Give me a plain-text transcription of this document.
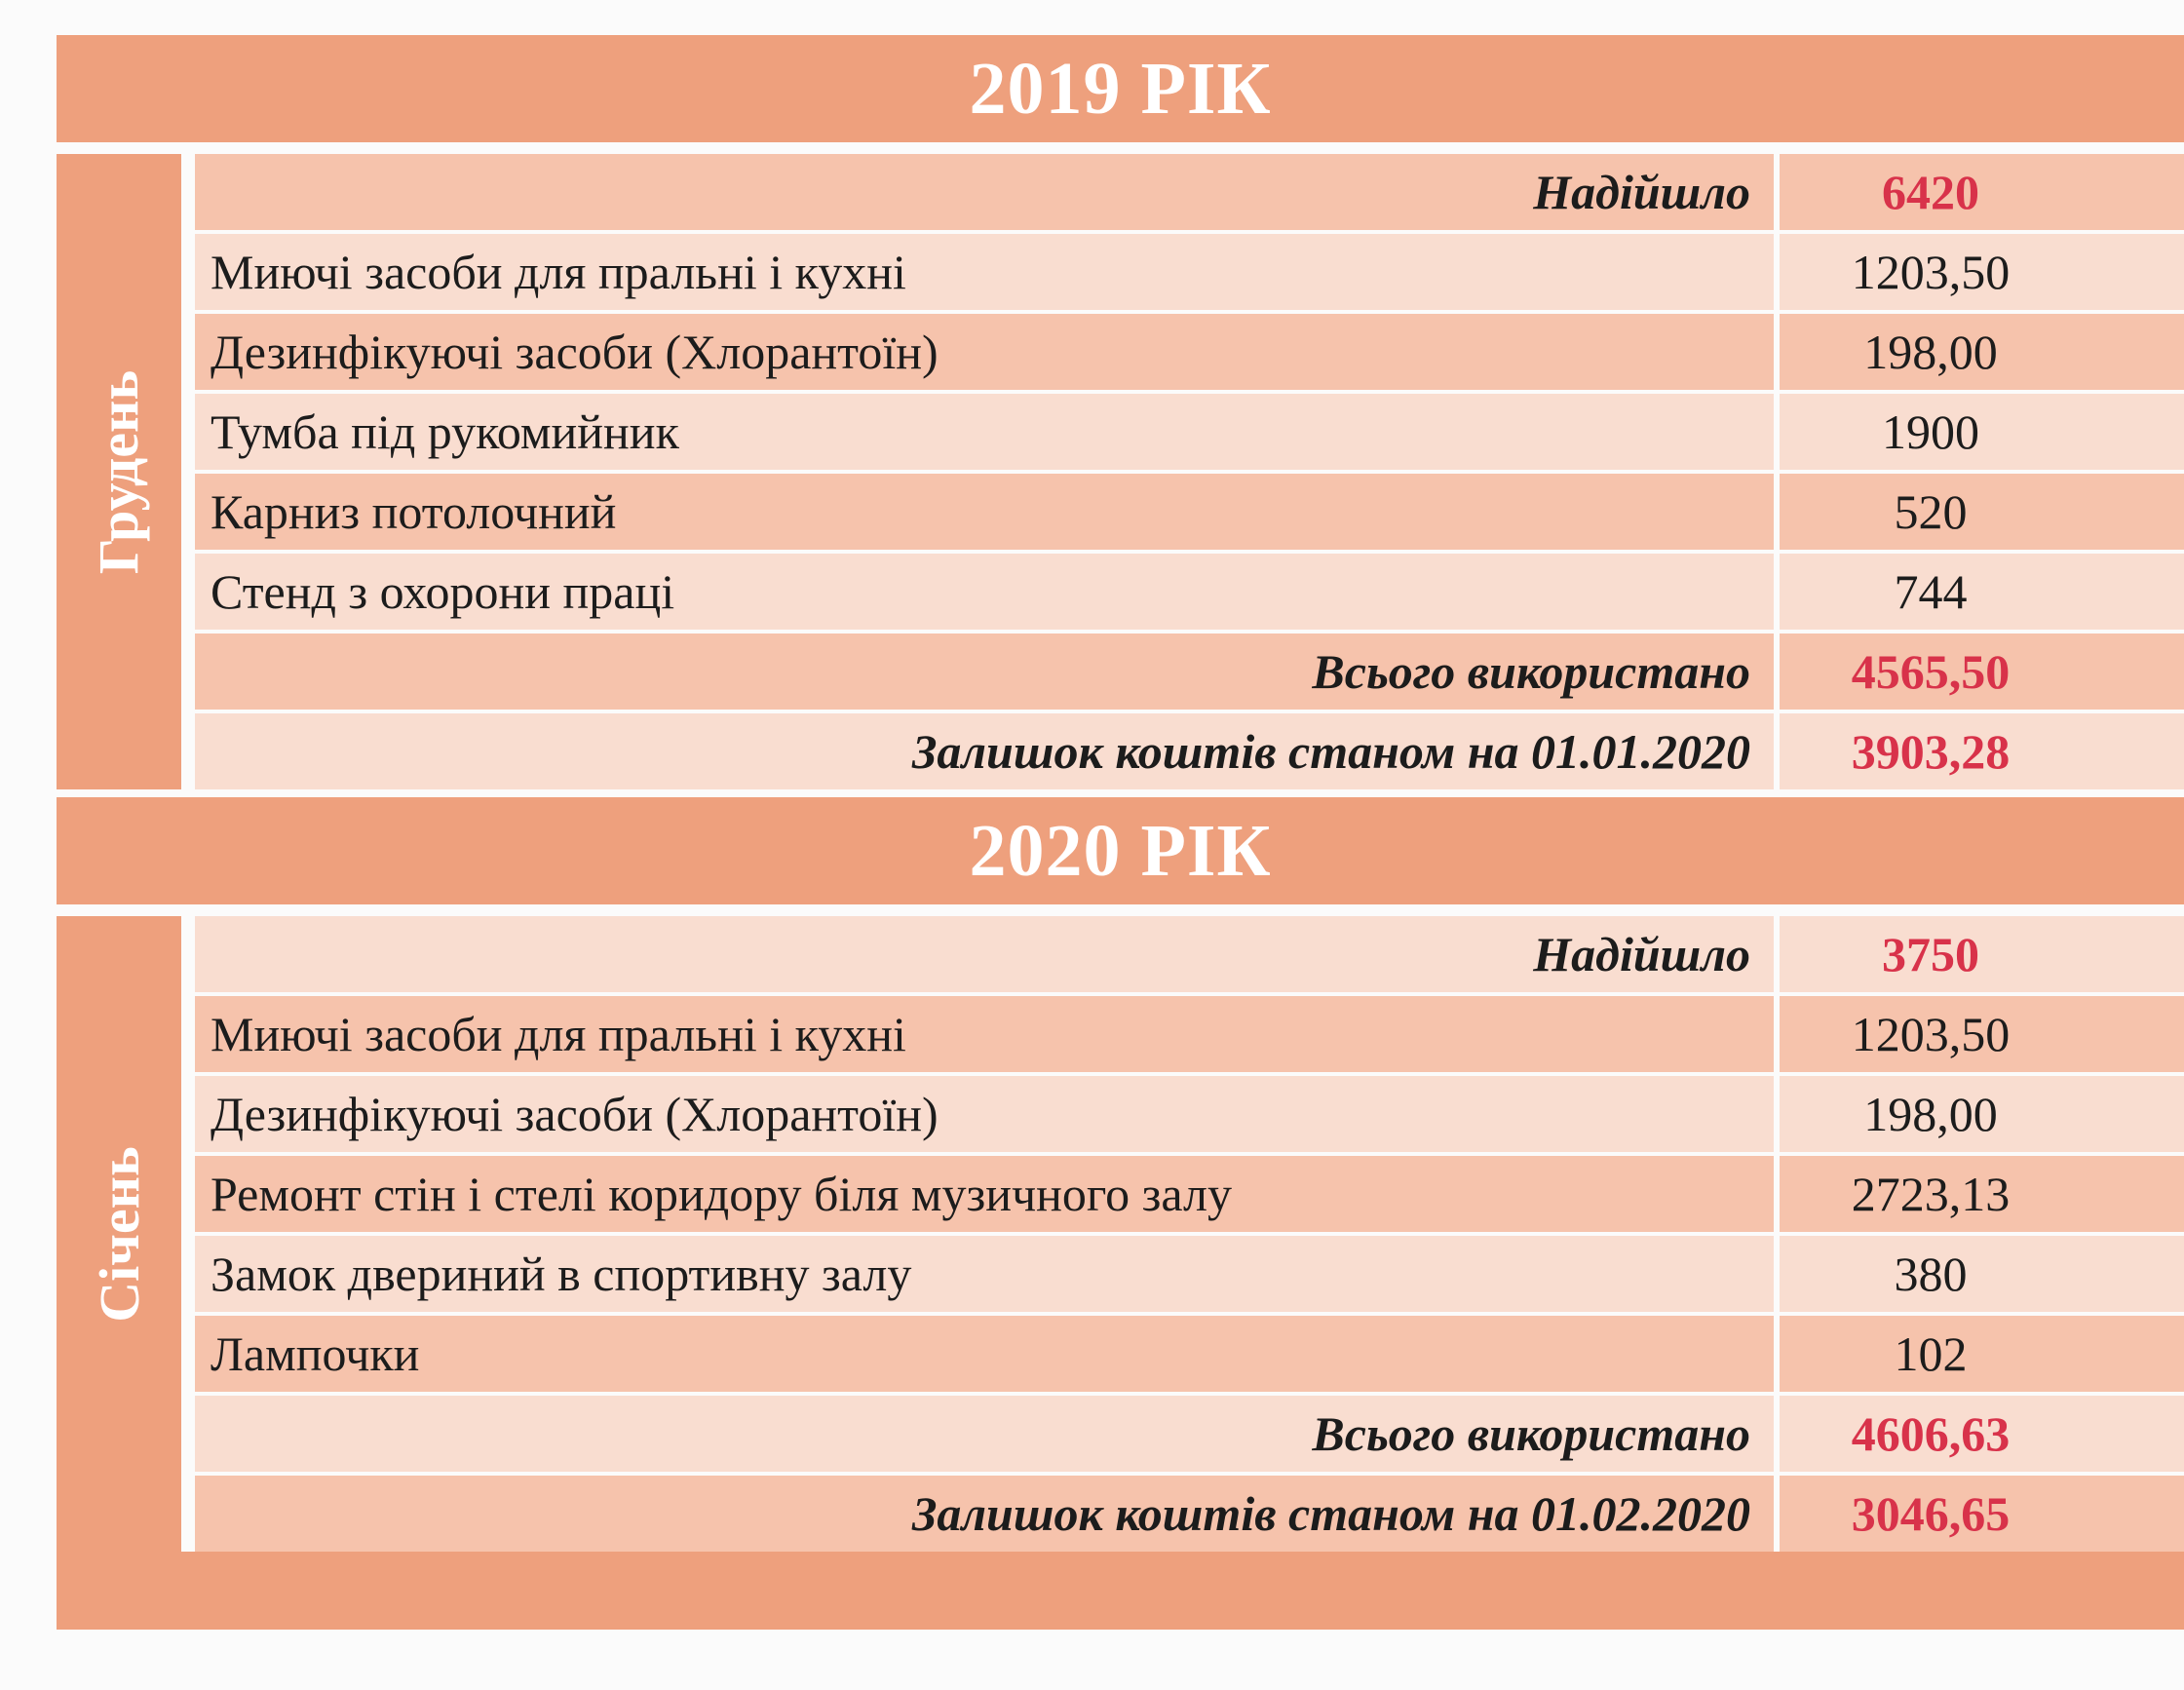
2019 РІК
Грудень
Надійшло	6420
Миючі засоби для пральні і кухні	1203,50
Дезинфікуючі засоби (Хлорантоїн)	198,00
Тумба під рукомийник	1900
Карниз потолочний	520
Стенд з охорони праці	744
Всього використано	4565,50
Залишок коштів станом на 01.01.2020	3903,28
2020 РІК
Січень
Надійшло	3750
Миючі засоби для пральні і кухні	1203,50
Дезинфікуючі засоби (Хлорантоїн)	198,00
Ремонт стін і стелі коридору біля музичного залу	2723,13
Замок двериний в спортивну залу	380
Лампочки	102
Всього використано	4606,63
Залишок коштів станом на 01.02.2020	3046,65
